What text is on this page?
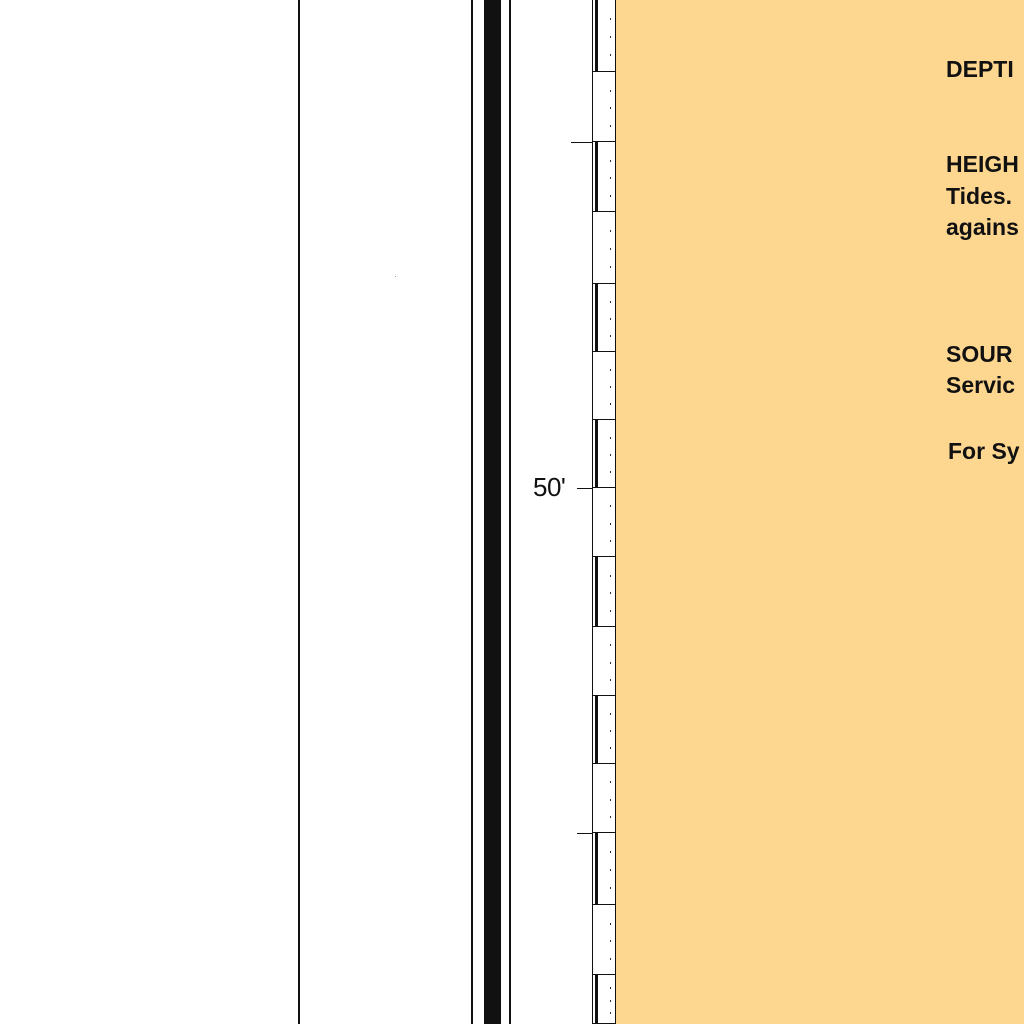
50'
DEPTI
HEIGH
Tides.
agains
SOUR
Servic
For Sy
